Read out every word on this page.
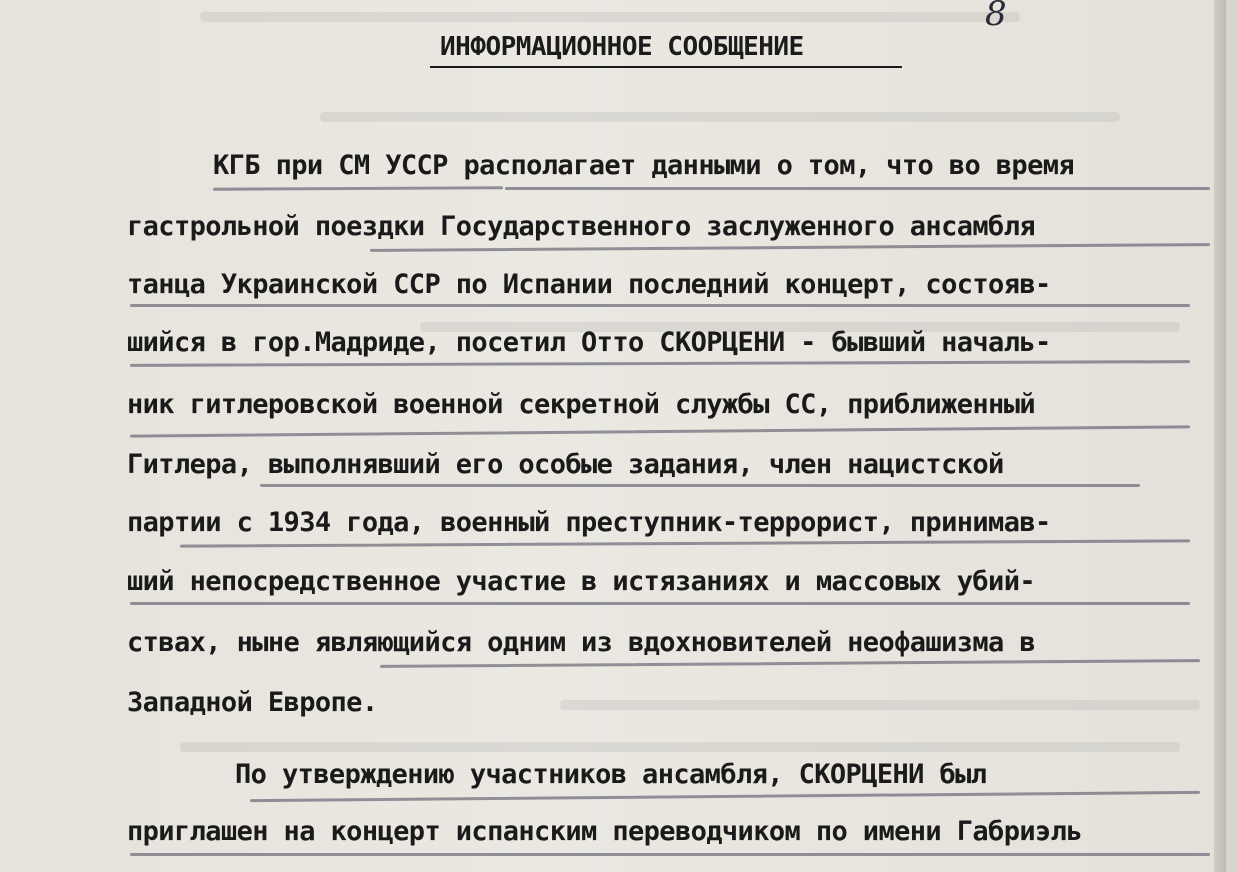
8
ИНФОРМАЦИОННОЕ СООБЩЕНИЕ
КГБ при СМ УССР располагает данными о том, что во время
гастрольной поездки Государственного заслуженного ансамбля
танца Украинской ССР по Испании последний концерт, состояв-
шийся в гор.Мадриде, посетил Отто СКОРЦЕНИ - бывший началь-
ник гитлеровской военной секретной службы СС, приближенный
Гитлера, выполнявший его особые задания, член нацистской
партии с 1934 года, военный преступник-террорист, принимав-
ший непосредственное участие в истязаниях и массовых убий-
ствах, ныне являющийся одним из вдохновителей неофашизма в
Западной Европе.
По утверждению участников ансамбля, СКОРЦЕНИ был
приглашен на концерт испанским переводчиком по имени Габриэль
